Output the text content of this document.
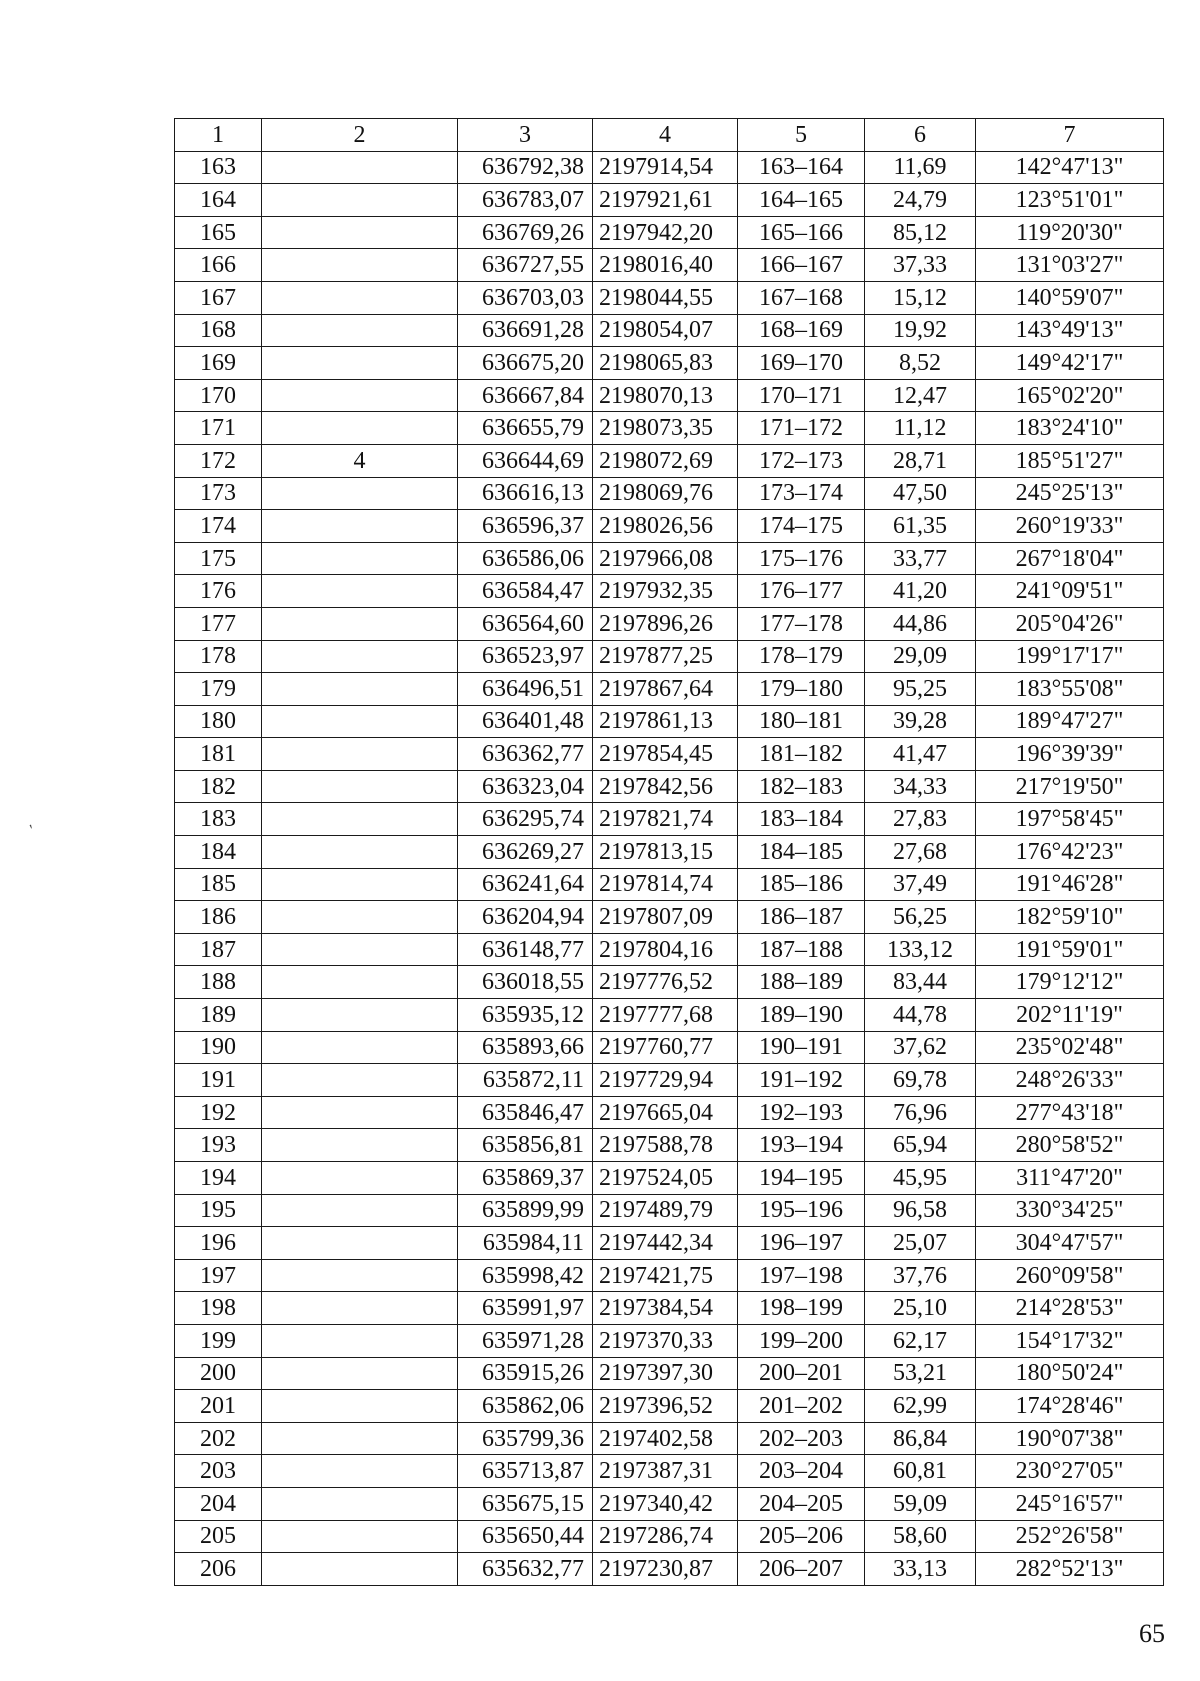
'
1	2	3	4	5	6	7
163		636792,38	2197914,54	163–164	11,69	142°47'13"
164		636783,07	2197921,61	164–165	24,79	123°51'01"
165		636769,26	2197942,20	165–166	85,12	119°20'30"
166		636727,55	2198016,40	166–167	37,33	131°03'27"
167		636703,03	2198044,55	167–168	15,12	140°59'07"
168		636691,28	2198054,07	168–169	19,92	143°49'13"
169		636675,20	2198065,83	169–170	8,52	149°42'17"
170		636667,84	2198070,13	170–171	12,47	165°02'20"
171		636655,79	2198073,35	171–172	11,12	183°24'10"
172	4	636644,69	2198072,69	172–173	28,71	185°51'27"
173		636616,13	2198069,76	173–174	47,50	245°25'13"
174		636596,37	2198026,56	174–175	61,35	260°19'33"
175		636586,06	2197966,08	175–176	33,77	267°18'04"
176		636584,47	2197932,35	176–177	41,20	241°09'51"
177		636564,60	2197896,26	177–178	44,86	205°04'26"
178		636523,97	2197877,25	178–179	29,09	199°17'17"
179		636496,51	2197867,64	179–180	95,25	183°55'08"
180		636401,48	2197861,13	180–181	39,28	189°47'27"
181		636362,77	2197854,45	181–182	41,47	196°39'39"
182		636323,04	2197842,56	182–183	34,33	217°19'50"
183		636295,74	2197821,74	183–184	27,83	197°58'45"
184		636269,27	2197813,15	184–185	27,68	176°42'23"
185		636241,64	2197814,74	185–186	37,49	191°46'28"
186		636204,94	2197807,09	186–187	56,25	182°59'10"
187		636148,77	2197804,16	187–188	133,12	191°59'01"
188		636018,55	2197776,52	188–189	83,44	179°12'12"
189		635935,12	2197777,68	189–190	44,78	202°11'19"
190		635893,66	2197760,77	190–191	37,62	235°02'48"
191		635872,11	2197729,94	191–192	69,78	248°26'33"
192		635846,47	2197665,04	192–193	76,96	277°43'18"
193		635856,81	2197588,78	193–194	65,94	280°58'52"
194		635869,37	2197524,05	194–195	45,95	311°47'20"
195		635899,99	2197489,79	195–196	96,58	330°34'25"
196		635984,11	2197442,34	196–197	25,07	304°47'57"
197		635998,42	2197421,75	197–198	37,76	260°09'58"
198		635991,97	2197384,54	198–199	25,10	214°28'53"
199		635971,28	2197370,33	199–200	62,17	154°17'32"
200		635915,26	2197397,30	200–201	53,21	180°50'24"
201		635862,06	2197396,52	201–202	62,99	174°28'46"
202		635799,36	2197402,58	202–203	86,84	190°07'38"
203		635713,87	2197387,31	203–204	60,81	230°27'05"
204		635675,15	2197340,42	204–205	59,09	245°16'57"
205		635650,44	2197286,74	205–206	58,60	252°26'58"
206		635632,77	2197230,87	206–207	33,13	282°52'13"
65
